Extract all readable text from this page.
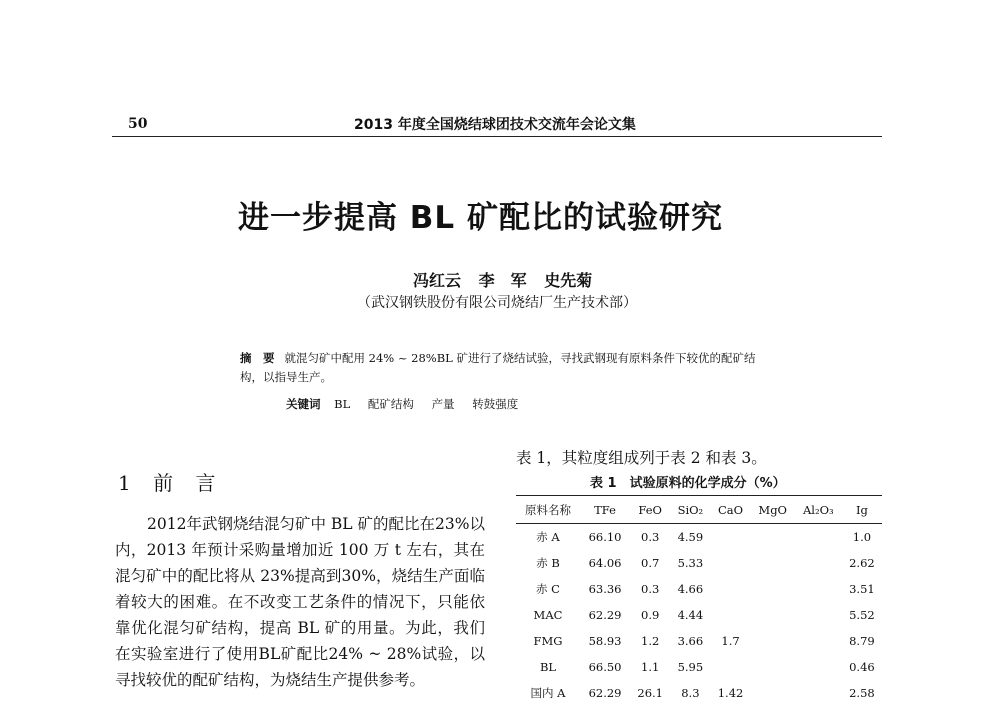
50	2013 年度全国烧结球团技术交流年会论文集
进一步提高 BL 矿配比的试验研究
冯红云 李　军 史先菊
（武汉钢铁股份有限公司烧结厂生产技术部）
摘　要 就混匀矿中配用 24% ~ 28%BL 矿进行了烧结试验，寻找武钢现有原料条件下较优的配矿结构，以指导生产。
关键词 BL 配矿结构 产量 转鼓强度
1 前 言
2012年武钢烧结混匀矿中 BL 矿的配比在23%以内，2013 年预计采购量增加近 100 万 t 左右，其在混匀矿中的配比将从 23%提高到30%，烧结生产面临着较大的困难。在不改变工艺条件的情况下，只能依靠优化混匀矿结构，提高 BL 矿的用量。为此，我们在实验室进行了使用BL矿配比24% ~ 28%试验，以寻找较优的配矿结构，为烧结生产提供参考。
表 1，其粒度组成列于表 2 和表 3。
表 1　试验原料的化学成分（%）
原料名称	TFe	FeO	SiO₂	CaO	MgO	Al₂O₃	Ig
赤 A	66.10	0.3	4.59				1.0
赤 B	64.06	0.7	5.33				2.62
赤 C	63.36	0.3	4.66				3.51
MAC	62.29	0.9	4.44				5.52
FMG	58.93	1.2	3.66	1.7			8.79
BL	66.50	1.1	5.95				0.46
国内 A	62.29	26.1	8.3	1.42			2.58
